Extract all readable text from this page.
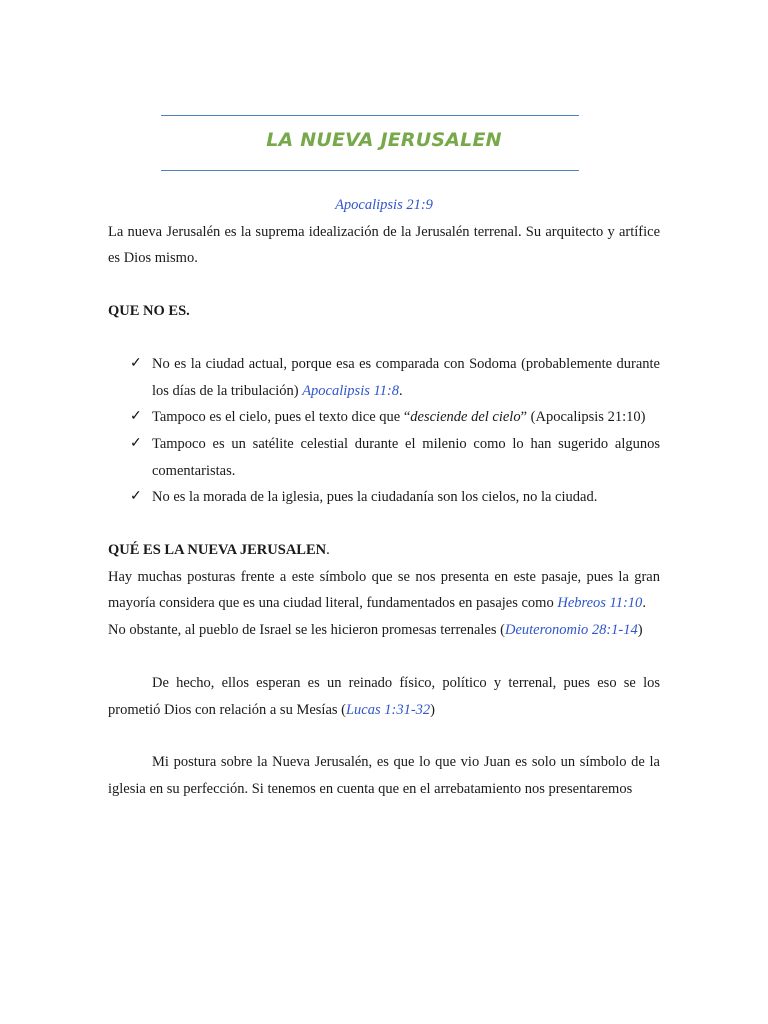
LA NUEVA JERUSALEN
Apocalipsis 21:9

La nueva Jerusalén es la suprema idealización de la Jerusalén terrenal. Su arquitecto y artífice es Dios mismo.

QUE NO ES.

✓ No es la ciudad actual, porque esa es comparada con Sodoma (probablemente durante los días de la tribulación) Apocalipsis 11:8.
✓ Tampoco es el cielo, pues el texto dice que “desciende del cielo” (Apocalipsis 21:10)
✓ Tampoco es un satélite celestial durante el milenio como lo han sugerido algunos comentaristas.
✓ No es la morada de la iglesia, pues la ciudadanía son los cielos, no la ciudad.

QUÉ ES LA NUEVA JERUSALEN.

Hay muchas posturas frente a este símbolo que se nos presenta en este pasaje, pues la gran mayoría considera que es una ciudad literal, fundamentados en pasajes como Hebreos 11:10.

No obstante, al pueblo de Israel se les hicieron promesas terrenales (Deuteronomio 28:1-14)

De hecho, ellos esperan es un reinado físico, político y terrenal, pues eso se los prometió Dios con relación a su Mesías (Lucas 1:31-32)

Mi postura sobre la Nueva Jerusalén, es que lo que vio Juan es solo un símbolo de la iglesia en su perfección. Si tenemos en cuenta que en el arrebatamiento nos presentaremos
